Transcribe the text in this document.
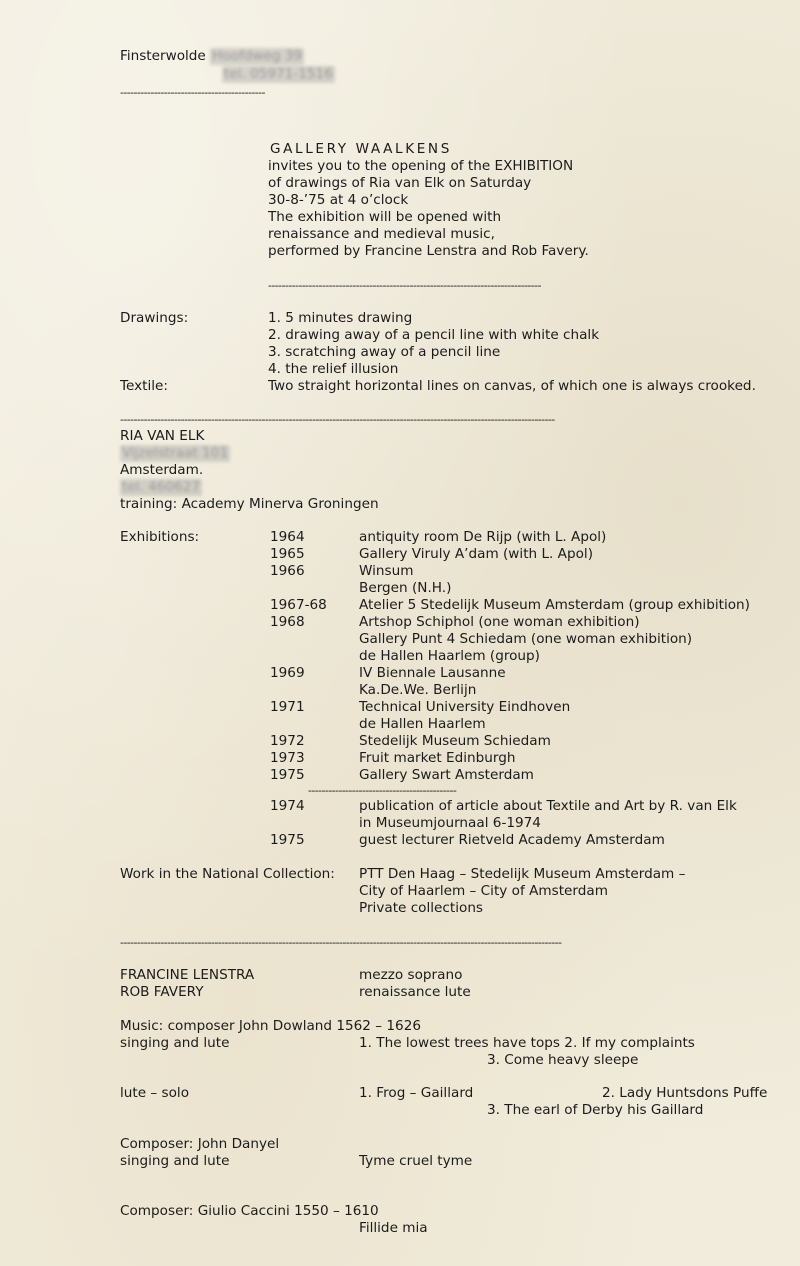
Finsterwolde Hoofdweg 39
tel. 05971-1516
-------------------------------------------
GALLERY WAALKENS
invites you to the opening of the EXHIBITION
of drawings of Ria van Elk on Saturday
30-8-’75 at 4 o’clock
The exhibition will be opened with
renaissance and medieval music,
performed by Francine Lenstra and Rob Favery.
---------------------------------------------------------------------------------
Drawings:	1. 5 minutes drawing
2. drawing away of a pencil line with white chalk
3. scratching away of a pencil line
4. the relief illusion
Textile:	Two straight horizontal lines on canvas, of which one is always crooked.
---------------------------------------------------------------------------------------------------------------------------------
RIA VAN ELK
Vijzelstraat 101
Amsterdam.
tel. 460627
training: Academy Minerva Groningen
Exhibitions:	1964	antiquity room De Rijp (with L. Apol)
1965	Gallery Viruly A’dam (with L. Apol)
1966	Winsum
Bergen (N.H.)
1967-68 Atelier 5 Stedelijk Museum Amsterdam (group exhibition)
1968	Artshop Schiphol (one woman exhibition)
Gallery Punt 4 Schiedam (one woman exhibition)
de Hallen Haarlem (group)
1969	IV Biennale Lausanne
Ka.De.We. Berlijn
1971	Technical University Eindhoven
de Hallen Haarlem
1972	Stedelijk Museum Schiedam
1973	Fruit market Edinburgh
1975	Gallery Swart Amsterdam
--------------------------------------------
1974	publication of article about Textile and Art by R. van Elk
in Museumjournaal 6-1974
1975	guest lecturer Rietveld Academy Amsterdam
Work in the National Collection: PTT Den Haag – Stedelijk Museum Amsterdam –
City of Haarlem – City of Amsterdam
Private collections
-----------------------------------------------------------------------------------------------------------------------------------
FRANCINE LENSTRA	mezzo soprano
ROB FAVERY	renaissance lute
Music: composer John Dowland 1562 – 1626
singing and lute	1. The lowest trees have tops 2. If my complaints
3. Come heavy sleepe
lute – solo	1. Frog – Gaillard	2. Lady Huntsdons Puffe
3. The earl of Derby his Gaillard
Composer: John Danyel
singing and lute	Tyme cruel tyme
Composer: Giulio Caccini 1550 – 1610
Fillide mia
